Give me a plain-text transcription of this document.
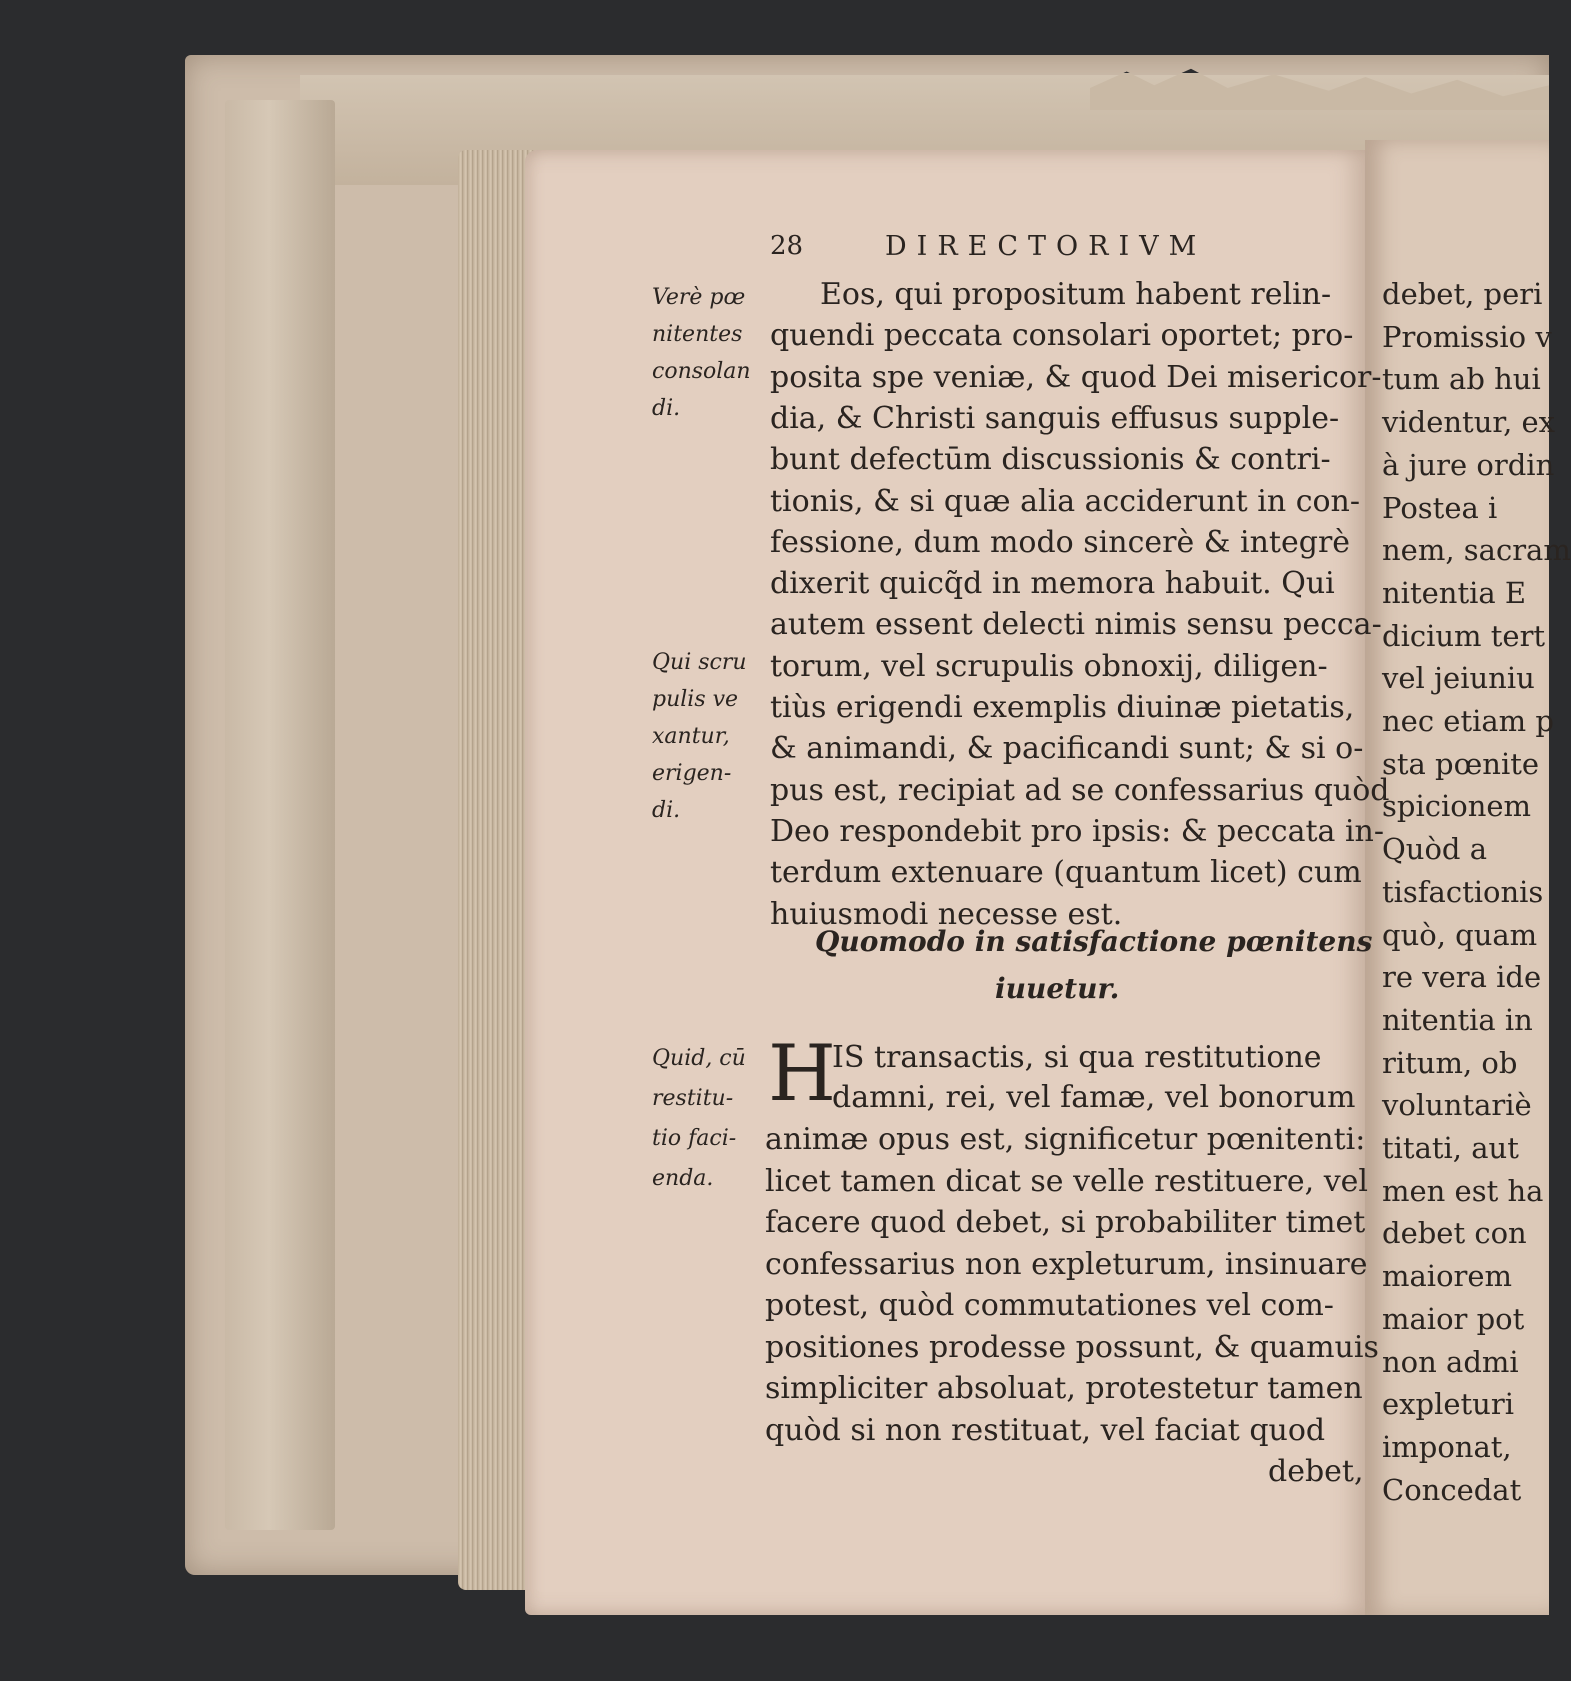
28	DIRECTORIVM
Verè pœ
nitentes
consolan
di.
Qui scru
pulis ve
xantur,
erigen-
di.
Quid, cū
restitu-
tio faci-
enda.
Eos, qui propositum habent relin-
quendi peccata consolari oportet; pro-
posita spe veniæ, & quod Dei misericor-
dia, & Christi sanguis effusus supple-
bunt defectūm discussionis & contri-
tionis, & si quæ alia acciderunt in con-
fessione, dum modo sincerè & integrè
dixerit quicq̃d in memora habuit. Qui
autem essent delecti nimis sensu pecca-
torum, vel scrupulis obnoxij, diligen-
tiùs erigendi exemplis diuinæ pietatis,
& animandi, & pacificandi sunt; & si o-
pus est, recipiat ad se confessarius quòd
Deo respondebit pro ipsis: & peccata in-
terdum extenuare (quantum licet) cum
huiusmodi necesse est.
Quomodo in satisfactione pœnitens
iuuetur.
H
IS transactis, si qua restitutione
damni, rei, vel famæ, vel bonorum
animæ opus est, significetur pœnitenti:
licet tamen dicat se velle restituere, vel
facere quod debet, si probabiliter timet
confessarius non expleturum, insinuare
potest, quòd commutationes vel com-
positiones prodesse possunt, & quamuis
simpliciter absoluat, protestetur tamen
quòd si non restituat, vel faciat quod
debet,
debet, peri
Promissio v
tum ab hui
videntur, ex
à jure ordin
Postea i
nem, sacram
nitentia E
dicium tert
vel jeiuniu
nec etiam p
sta pœnite
spicionem
Quòd a
tisfactionis
quò, quam
re vera ide
nitentia in
ritum, ob
voluntariè
titati, aut
men est ha
debet con
maiorem
maior pot
non admi
expleturi
imponat,
Concedat
